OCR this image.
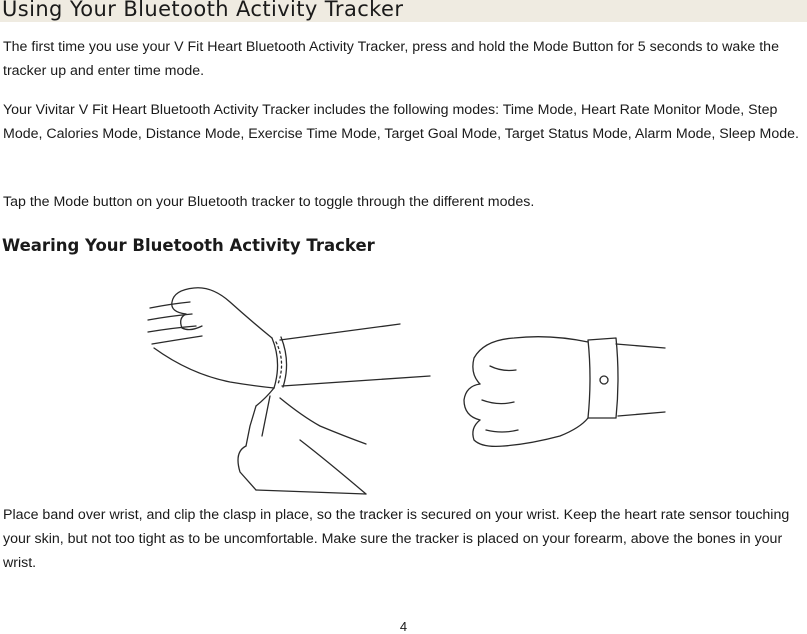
Using Your Bluetooth Activity Tracker

The first time you use your V Fit Heart Bluetooth Activity Tracker, press and hold the Mode Button for 5 seconds to wake the tracker up and enter time mode.

Your Vivitar V Fit Heart Bluetooth Activity Tracker includes the following modes: Time Mode, Heart Rate Monitor Mode, Step Mode, Calories Mode, Distance Mode, Exercise Time Mode, Target Goal Mode, Target Status Mode, Alarm Mode, Sleep Mode.

Tap the Mode button on your Bluetooth tracker to toggle through the different modes.

Wearing Your Bluetooth Activity Tracker

Place band over wrist, and clip the clasp in place, so the tracker is secured on your wrist. Keep the heart rate sensor touching your skin, but not too tight as to be uncomfortable. Make sure the tracker is placed on your forearm, above the bones in your wrist.

4
